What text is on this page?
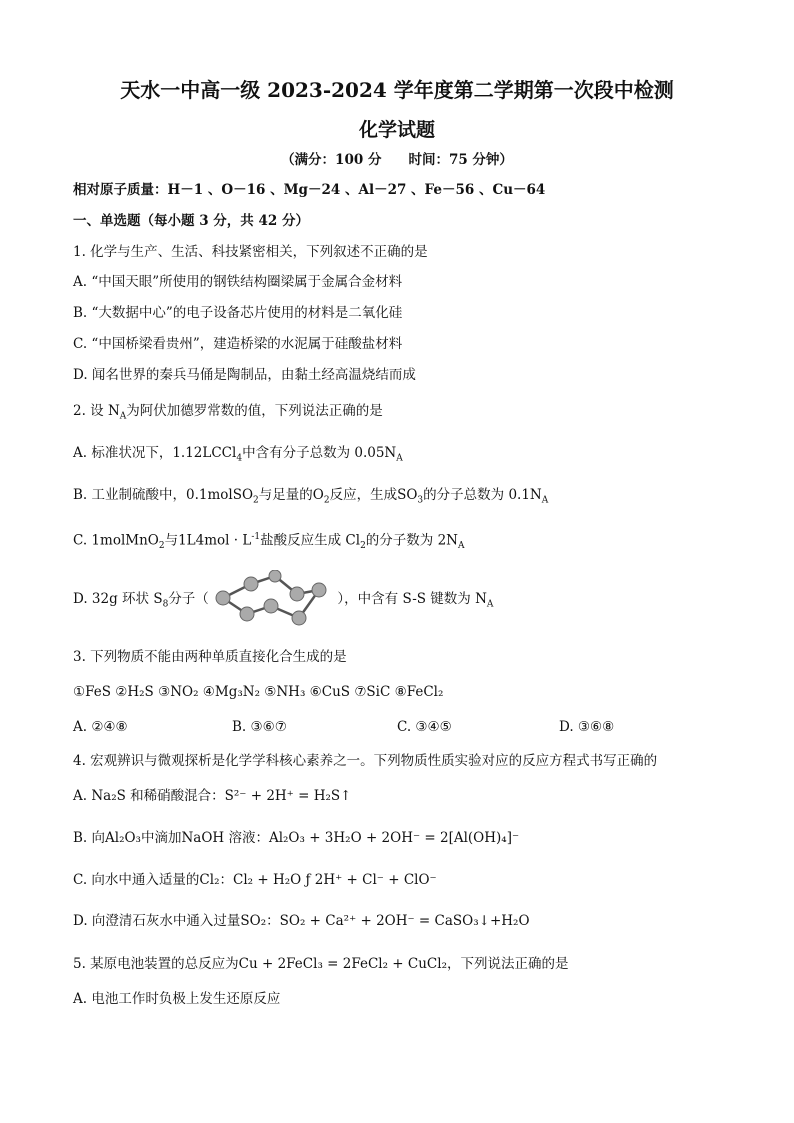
天水一中高一级 2023-2024 学年度第二学期第一次段中检测
化学试题
（满分：100 分　　时间：75 分钟）
相对原子质量：H－1 、O－16 、Mg－24 、Al－27 、Fe－56 、Cu－64
一、单选题（每小题 3 分，共 42 分）
1. 化学与生产、生活、科技紧密相关，下列叙述不正确的是
A. “中国天眼”所使用的钢铁结构圈梁属于金属合金材料
B. “大数据中心”的电子设备芯片使用的材料是二氧化硅
C. “中国桥梁看贵州”，建造桥梁的水泥属于硅酸盐材料
D. 闻名世界的秦兵马俑是陶制品，由黏土经高温烧结而成
2. 设 $N_A$为阿伏加德罗常数的值，下列说法正确的是
A. 标准状况下，1.12LCCl$_4$中含有分子总数为 $0.05N_A$
B. 工业制硫酸中，0.1molSO$_2$与足量的$O_2$反应，生成$SO_3$的分子总数为 $0.1N_A$
C. 1molMnO$_2$与$1L4mol \cdot L^{-1}$盐酸反应生成 $Cl_2$的分子数为 $2N_A$
D. 32g 环状 $S_8$分子（	），中含有 S-S 键数为 $N_A$
3. 下列物质不能由两种单质直接化合生成的是
①FeS ②H₂S ③NO₂ ④Mg₃N₂ ⑤NH₃ ⑥CuS ⑦SiC ⑧FeCl₂
A. ②④⑧	B. ③⑥⑦	C. ③④⑤	D. ③⑥⑧
4. 宏观辨识与微观探析是化学学科核心素养之一。下列物质性质实验对应的反应方程式书写正确的
A. Na₂S 和稀硝酸混合：S²⁻ + 2H⁺ = H₂S↑
B. 向Al₂O₃中滴加NaOH 溶液：Al₂O₃ + 3H₂O + 2OH⁻ = 2[Al(OH)₄]⁻
C. 向水中通入适量的Cl₂：Cl₂ + H₂O ƒ 2H⁺ + Cl⁻ + ClO⁻
D. 向澄清石灰水中通入过量SO₂：SO₂ + Ca²⁺ + 2OH⁻ = CaSO₃↓+H₂O
5. 某原电池装置的总反应为Cu + 2FeCl₃ = 2FeCl₂ + CuCl₂，下列说法正确的是
A. 电池工作时负极上发生还原反应
